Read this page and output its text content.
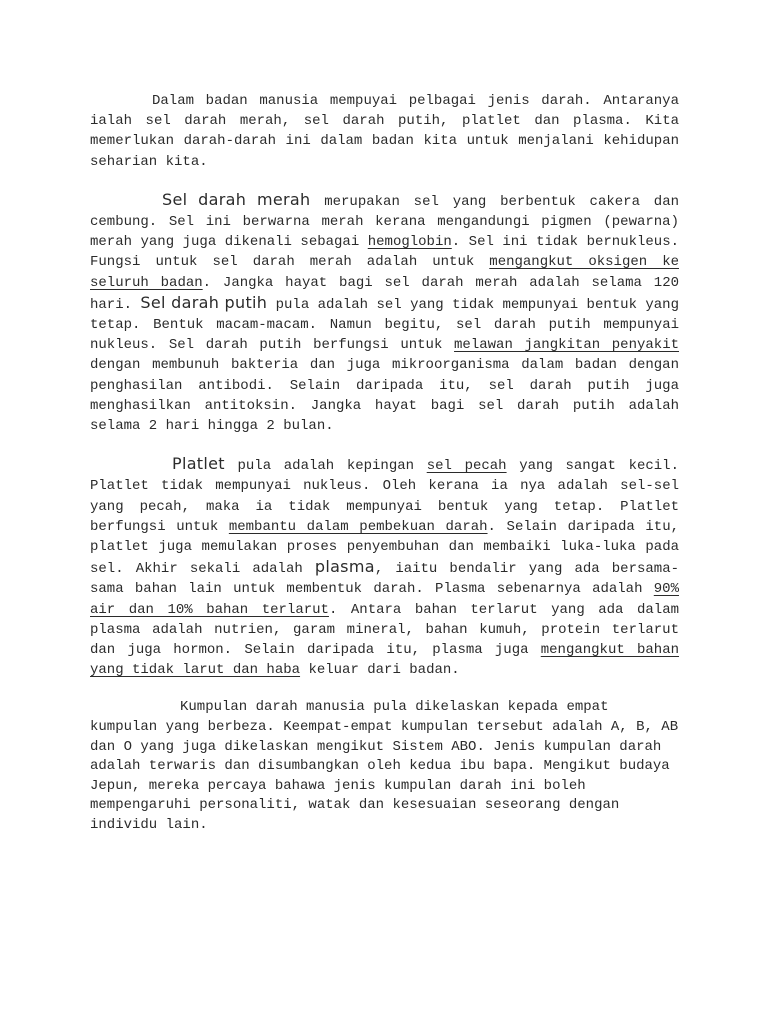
Dalam badan manusia mempuyai pelbagai jenis darah. Antaranya ialah sel darah merah, sel darah putih, platlet dan plasma. Kita memerlukan darah-darah ini dalam badan kita untuk menjalani kehidupan seharian kita.

Sel darah merah merupakan sel yang berbentuk cakera dan cembung. Sel ini berwarna merah kerana mengandungi pigmen (pewarna) merah yang juga dikenali sebagai hemoglobin. Sel ini tidak bernukleus. Fungsi untuk sel darah merah adalah untuk mengangkut oksigen ke seluruh badan. Jangka hayat bagi sel darah merah adalah selama 120 hari. Sel darah putih pula adalah sel yang tidak mempunyai bentuk yang tetap. Bentuk macam-macam. Namun begitu, sel darah putih mempunyai nukleus. Sel darah putih berfungsi untuk melawan jangkitan penyakit dengan membunuh bakteria dan juga mikroorganisma dalam badan dengan penghasilan antibodi. Selain daripada itu, sel darah putih juga menghasilkan antitoksin. Jangka hayat bagi sel darah putih adalah selama 2 hari hingga 2 bulan.

Platlet pula adalah kepingan sel pecah yang sangat kecil. Platlet tidak mempunyai nukleus. Oleh kerana ia nya adalah sel-sel yang pecah, maka ia tidak mempunyai bentuk yang tetap. Platlet berfungsi untuk membantu dalam pembekuan darah. Selain daripada itu, platlet juga memulakan proses penyembuhan dan membaiki luka-luka pada sel. Akhir sekali adalah plasma, iaitu bendalir yang ada bersama-sama bahan lain untuk membentuk darah. Plasma sebenarnya adalah 90% air dan 10% bahan terlarut. Antara bahan terlarut yang ada dalam plasma adalah nutrien, garam mineral, bahan kumuh, protein terlarut dan juga hormon. Selain daripada itu, plasma juga mengangkut bahan yang tidak larut dan haba keluar dari badan.

Kumpulan darah manusia pula dikelaskan kepada empat kumpulan yang berbeza. Keempat-empat kumpulan tersebut adalah A, B, AB dan O yang juga dikelaskan mengikut Sistem ABO. Jenis kumpulan darah adalah terwaris dan disumbangkan oleh kedua ibu bapa. Mengikut budaya Jepun, mereka percaya bahawa jenis kumpulan darah ini boleh mempengaruhi personaliti, watak dan kesesuaian seseorang dengan individu lain.
